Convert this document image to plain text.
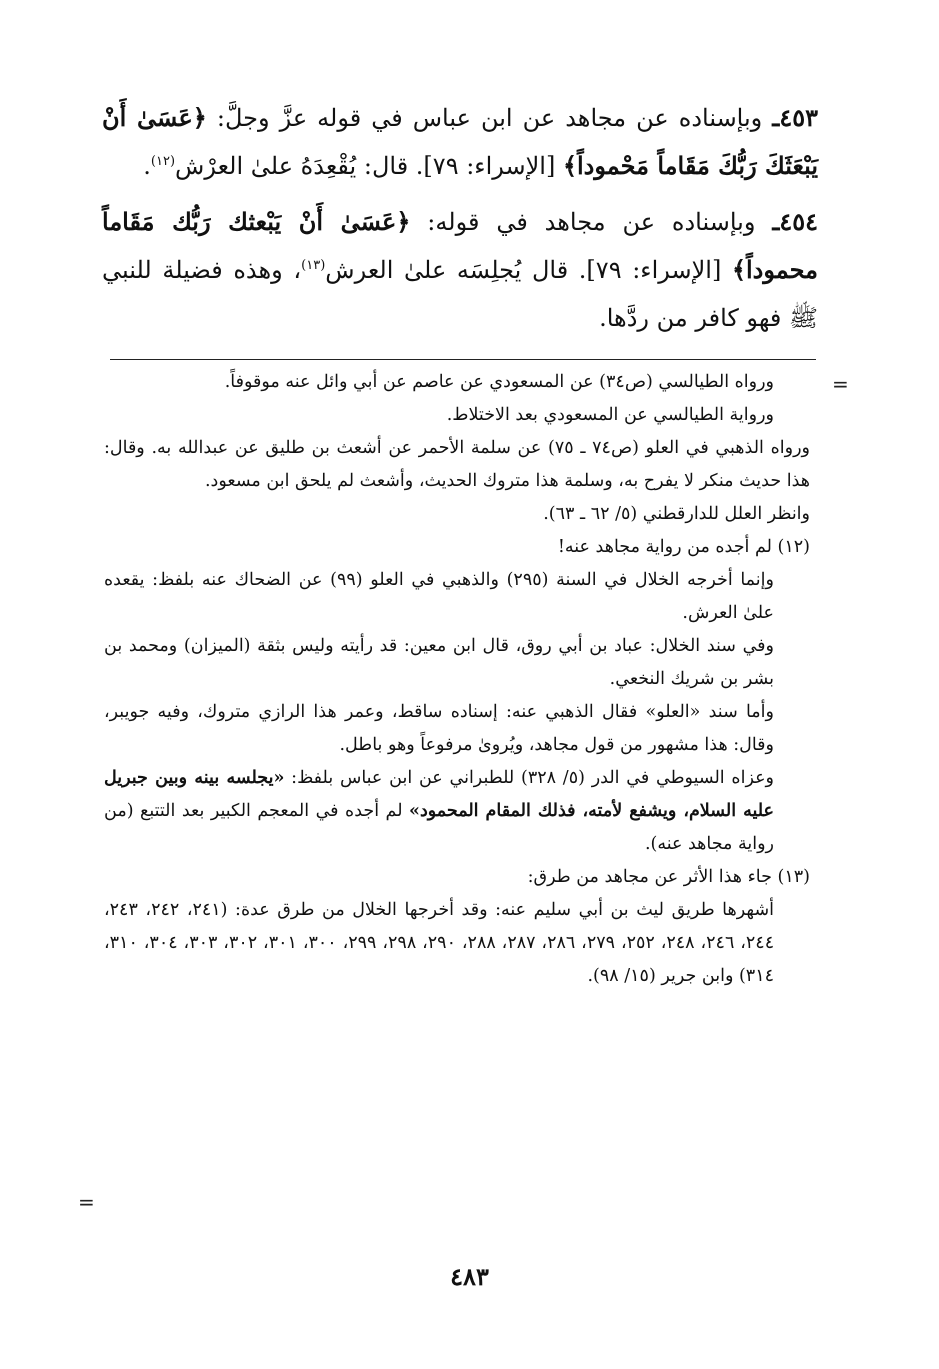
٤٥٣ـ وبإسناده عن مجاهد عن ابن عباس في قوله عزَّ وجلَّ: ﴿عَسَىٰ أَنْ يَبْعَثَكَ رَبُّكَ مَقَاماً مَحْموداً﴾ [الإسراء: ٧٩]. قال: يُقْعِدَهُ علىٰ العرْش$^{(١٢)}$.

٤٥٤ـ وبإسناده عن مجاهد في قوله: ﴿عَسَىٰ أَنْ يَبْعثك رَبُّك مَقَاماً محموداً﴾ [الإسراء: ٧٩]. قال يُجلِسَه علىٰ العرش$^{(١٣)}$، وهذه فضيلة للنبي ﷺ فهو كافر من ردَّها.

=

ورواه الطيالسي (ص٣٤) عن المسعودي عن عاصم عن أبي وائل عنه موقوفاً.

ورواية الطيالسي عن المسعودي بعد الاختلاط.

ورواه الذهبي في العلو (ص٧٤ ـ ٧٥) عن سلمة الأحمر عن أشعث بن طليق عن عبدالله به. وقال: هذا حديث منكر لا يفرح به، وسلمة هذا متروك الحديث، وأشعث لم يلحق ابن مسعود.

وانظر العلل للدارقطني (٥/ ٦٢ ـ ٦٣).

(١٢) لم أجده من رواية مجاهد عنه!

وإنما أخرجه الخلال في السنة (٢٩٥) والذهبي في العلو (٩٩) عن الضحاك عنه بلفظ: يقعده علىٰ العرش.

وفي سند الخلال: عباد بن أبي روق، قال ابن معين: قد رأيته وليس بثقة (الميزان) ومحمد بن بشر بن شريك النخعي.

وأما سند «العلو» فقال الذهبي عنه: إسناده ساقط، وعمر هذا الرازي متروك، وفيه جويبر، وقال: هذا مشهور من قول مجاهد، ويُروىٰ مرفوعاً وهو باطل.

وعزاه السيوطي في الدر (٥/ ٣٢٨) للطبراني عن ابن عباس بلفظ: «يجلسه بينه وبين جبريل عليه السلام، ويشفع لأمته، فذلك المقام المحمود» لم أجده في المعجم الكبير بعد التتبع (من رواية مجاهد عنه).

(١٣) جاء هذا الأثر عن مجاهد من طرق:

أشهرها طريق ليث بن أبي سليم عنه: وقد أخرجها الخلال من طرق عدة: (٢٤١، ٢٤٢، ٢٤٣، ٢٤٤، ٢٤٦، ٢٤٨، ٢٥٢، ٢٧٩، ٢٨٦، ٢٨٧، ٢٨٨، ٢٩٠، ٢٩٨، ٢٩٩، ٣٠٠، ٣٠١، ٣٠٢، ٣٠٣، ٣٠٤، ٣١٠، ٣١٤) وابن جرير (١٥/ ٩٨).

=
٤٨٣
